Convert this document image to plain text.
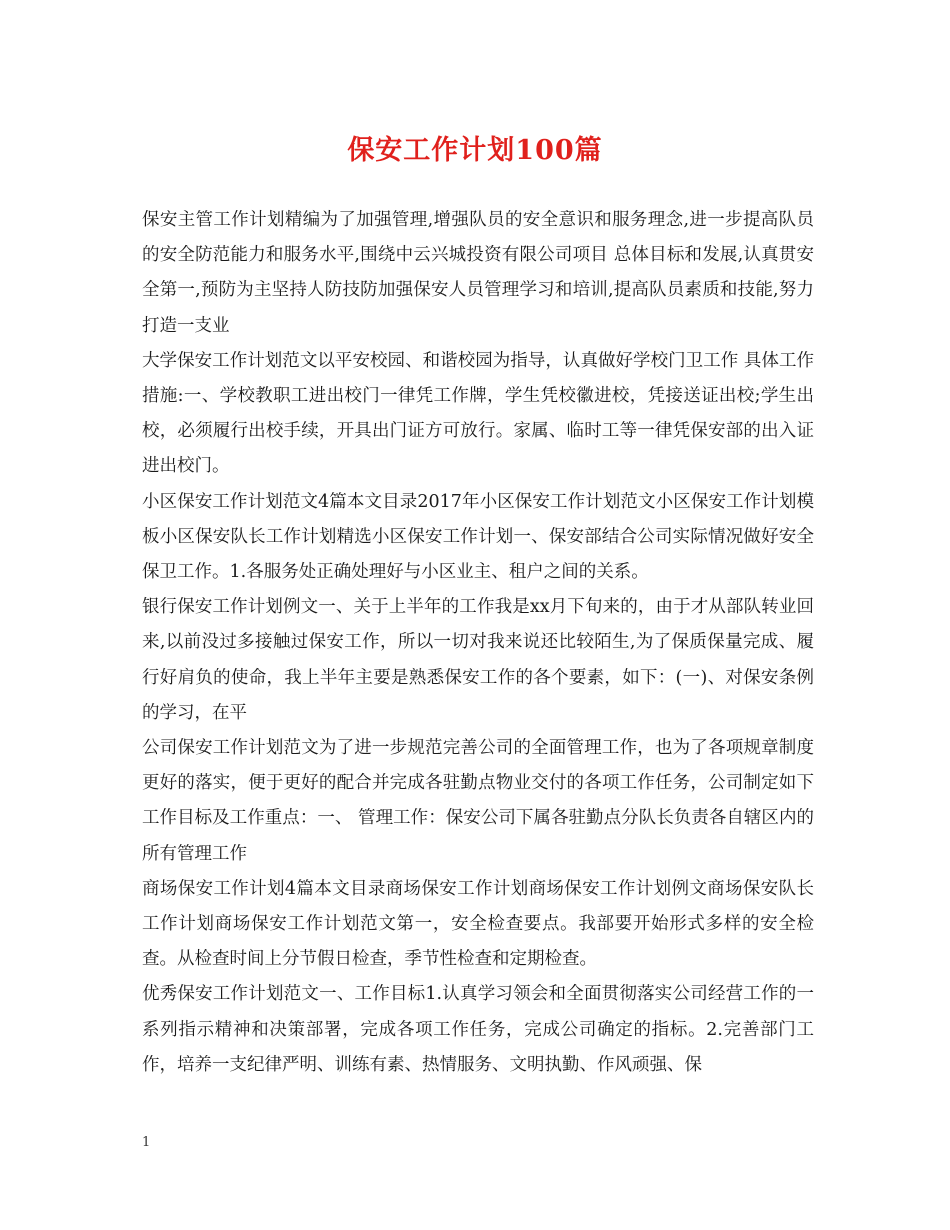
保安工作计划100篇

保安主管工作计划精编为了加强管理,增强队员的安全意识和服务理念,进一步提高队员的安全防范能力和服务水平,围绕中云兴城投资有限公司项目 总体目标和发展,认真贯安全第一,预防为主坚持人防技防加强保安人员管理学习和培训,提高队员素质和技能,努力打造一支业

大学保安工作计划范文以平安校园、和谐校园为指导，认真做好学校门卫工作 具体工作措施:一、学校教职工进出校门一律凭工作牌，学生凭校徽进校，凭接送证出校;学生出校，必须履行出校手续，开具出门证方可放行。家属、临时工等一律凭保安部的出入证进出校门。

小区保安工作计划范文4篇本文目录2017年小区保安工作计划范文小区保安工作计划模板小区保安队长工作计划精选小区保安工作计划一、保安部结合公司实际情况做好安全保卫工作。1.各服务处正确处理好与小区业主、租户之间的关系。

银行保安工作计划例文一、关于上半年的工作我是xx月下旬来的，由于才从部队转业回来,以前没过多接触过保安工作，所以一切对我来说还比较陌生,为了保质保量完成、履行好肩负的使命，我上半年主要是熟悉保安工作的各个要素，如下：(一)、对保安条例的学习，在平

公司保安工作计划范文为了进一步规范完善公司的全面管理工作，也为了各项规章制度更好的落实，便于更好的配合并完成各驻勤点物业交付的各项工作任务，公司制定如下工作目标及工作重点：一、 管理工作：保安公司下属各驻勤点分队长负责各自辖区内的所有管理工作

商场保安工作计划4篇本文目录商场保安工作计划商场保安工作计划例文商场保安队长工作计划商场保安工作计划范文第一，安全检查要点。我部要开始形式多样的安全检查。从检查时间上分节假日检查，季节性检查和定期检查。

优秀保安工作计划范文一、工作目标1.认真学习领会和全面贯彻落实公司经营工作的一系列指示精神和决策部署，完成各项工作任务，完成公司确定的指标。2.完善部门工作，培养一支纪律严明、训练有素、热情服务、文明执勤、作风顽强、保

1
